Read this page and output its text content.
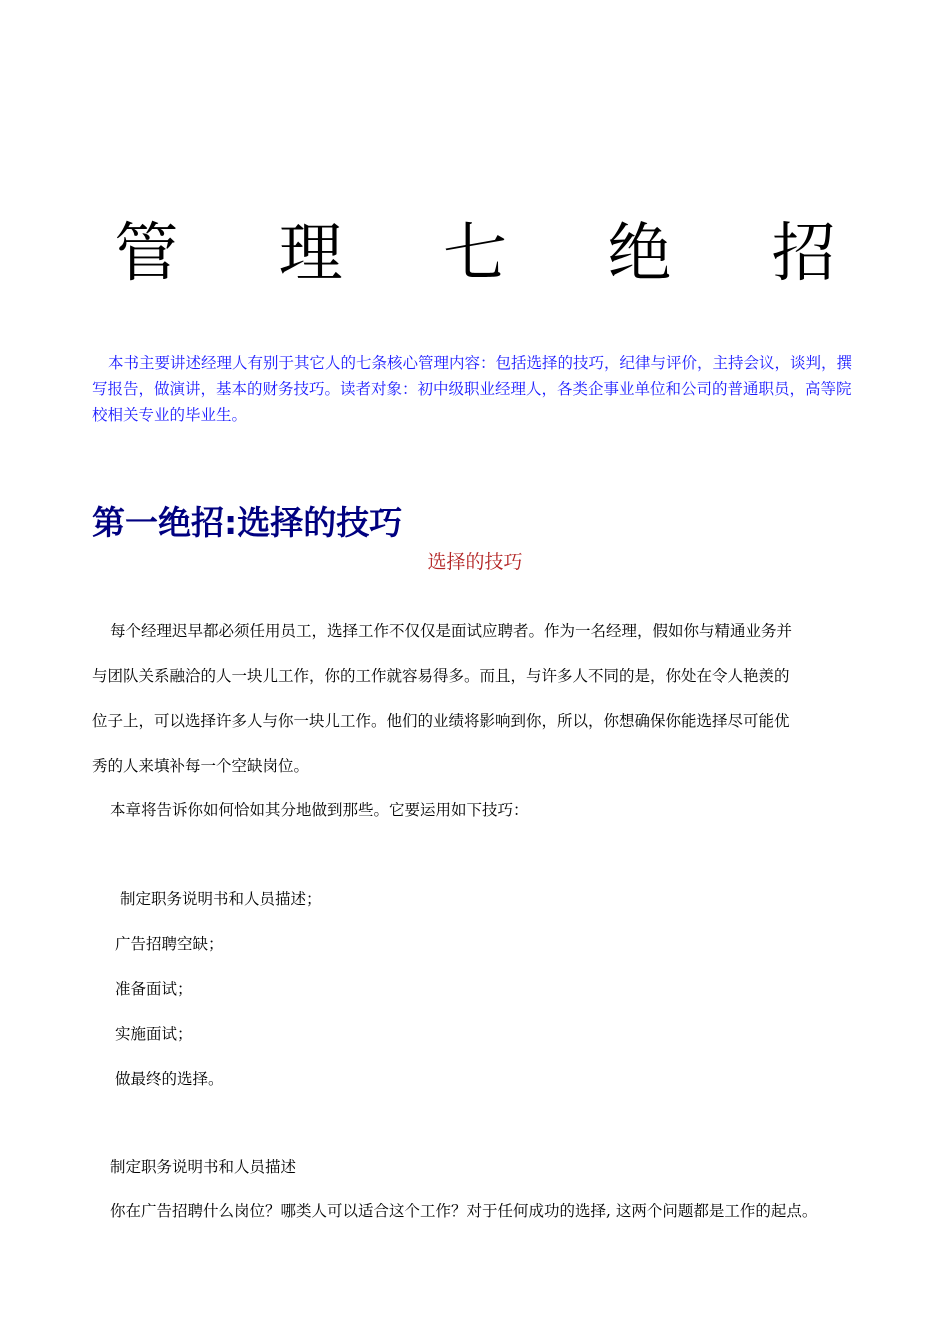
管 理 七 绝 招
本书主要讲述经理人有别于其它人的七条核心管理内容：包括选择的技巧，纪律与评价，主持会议，谈判，撰写报告，做演讲，基本的财务技巧。读者对象：初中级职业经理人，各类企事业单位和公司的普通职员，高等院校相关专业的毕业生。
第一绝招:选择的技巧
选择的技巧
每个经理迟早都必须任用员工，选择工作不仅仅是面试应聘者。作为一名经理，假如你与精通业务并
与团队关系融洽的人一块儿工作，你的工作就容易得多。而且，与许多人不同的是，你处在令人艳羡的
位子上，可以选择许多人与你一块儿工作。他们的业绩将影响到你，所以，你想确保你能选择尽可能优
秀的人来填补每一个空缺岗位。
本章将告诉你如何恰如其分地做到那些。它要运用如下技巧：
制定职务说明书和人员描述；
广告招聘空缺；
准备面试；
实施面试；
做最终的选择。
制定职务说明书和人员描述
你在广告招聘什么岗位？哪类人可以适合这个工作？对于任何成功的选择, 这两个问题都是工作的起点。
